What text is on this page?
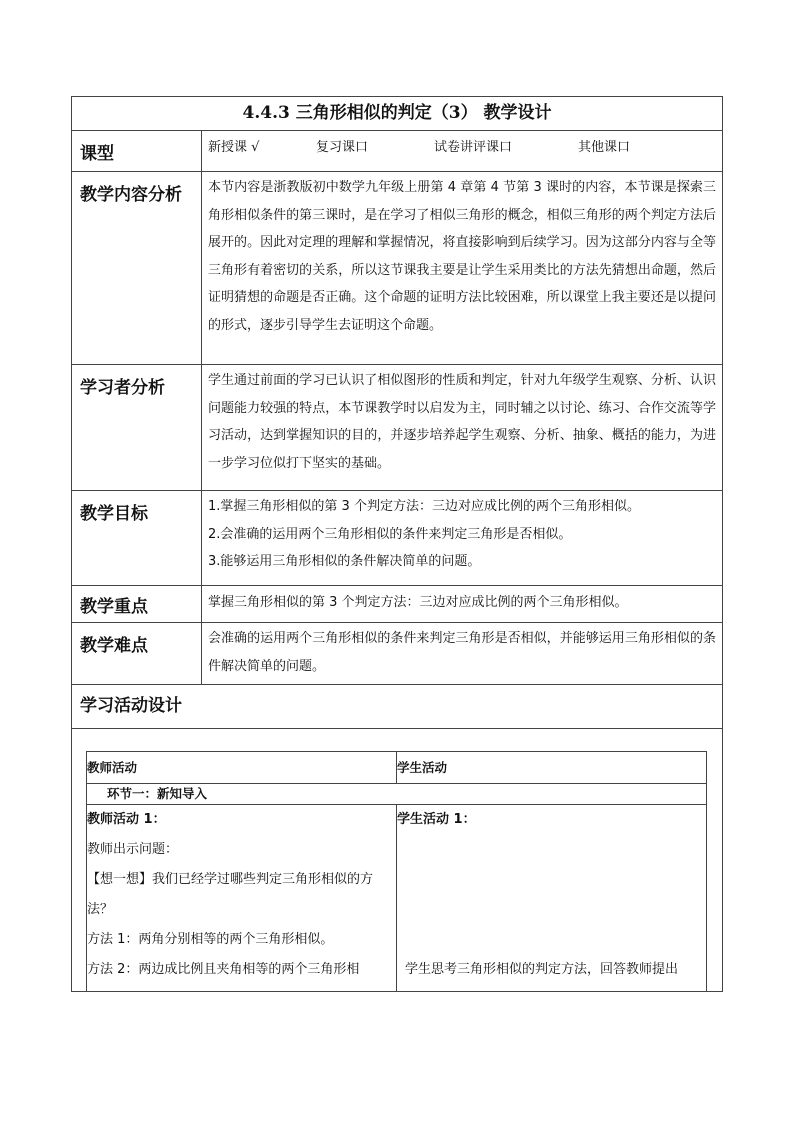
4.4.3 三角形相似的判定（3） 教学设计
课型	新授课 √	复习课口	试卷讲评课口	其他课口
教学内容分析	本节内容是浙教版初中数学九年级上册第 4 章第 4 节第 3 课时的内容，本节课是探索三角形相似条件的第三课时，是在学习了相似三角形的概念，相似三角形的两个判定方法后展开的。因此对定理的理解和掌握情况，将直接影响到后续学习。因为这部分内容与全等三角形有着密切的关系，所以这节课我主要是让学生采用类比的方法先猜想出命题，然后证明猜想的命题是否正确。这个命题的证明方法比较困难，所以课堂上我主要还是以提问的形式，逐步引导学生去证明这个命题。
学习者分析	学生通过前面的学习已认识了相似图形的性质和判定，针对九年级学生观察、分析、认识问题能力较强的特点，本节课教学时以启发为主，同时辅之以讨论、练习、合作交流等学习活动，达到掌握知识的目的，并逐步培养起学生观察、分析、抽象、概括的能力，为进一步学习位似打下坚实的基础。
教学目标	1.掌握三角形相似的第 3 个判定方法：三边对应成比例的两个三角形相似。

2.会准确的运用两个三角形相似的条件来判定三角形是否相似。

3.能够运用三角形相似的条件解决简单的问题。

教学重点	掌握三角形相似的第 3 个判定方法：三边对应成比例的两个三角形相似。
教学难点	会准确的运用两个三角形相似的条件来判定三角形是否相似，并能够运用三角形相似的条件解决简单的问题。
学习活动设计

教师活动	学生活动
环节一：新知导入

教师活动 1：

教师出示问题：

【想一想】我们已经学过哪些判定三角形相似的方法？

方法 1：两角分别相等的两个三角形相似。

方法 2：两边成比例且夹角相等的两个三角形相

学生活动 1：

学生思考三角形相似的判定方法，回答教师提出
